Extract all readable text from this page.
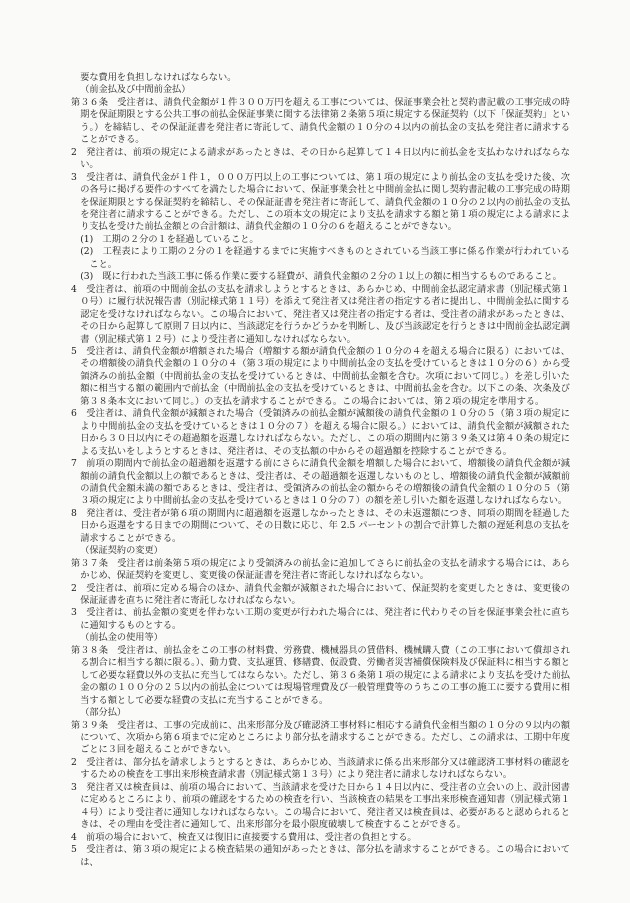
要な費用を負担しなければならない。

（前金払及び中間前金払）

第３６条　受注者は、請負代金額が１件３００万円を超える工事については、保証事業会社と契約書記載の工事完成の時期を保証期限とする公共工事の前払金保証事業に関する法律第２条第５項に規定する保証契約（以下「保証契約」という。）を締結し、その保証証書を発注者に寄託して、請負代金額の１０分の４以内の前払金の支払を発注者に請求することができる。

2　発注者は、前項の規定による請求があったときは、その日から起算して１４日以内に前払金を支払わなければならない。

3　受注者は、請負代金が１件１，０００万円以上の工事については、第１項の規定により前払金の支払を受けた後、次の各号に掲げる要件のすべてを満たした場合において、保証事業会社と中間前金払に関し契約書記載の工事完成の時期を保証期限とする保証契約を締結し、その保証証書を発注者に寄託して、請負代金額の１０分の２以内の前払金の支払を発注者に請求することができる。ただし、この項本文の規定により支払を請求する額と第１項の規定による請求により支払を受けた前払金額との合計額は、請負代金額の１０分の６を超えることができない。

(1)　工期の２分の１を経過していること。

(2)　工程表により工期の２分の１を経過するまでに実施すべきものとされている当該工事に係る作業が行われていること。

(3)　既に行われた当該工事に係る作業に要する経費が、請負代金額の２分の１以上の額に相当するものであること。

4　受注者は、前項の中間前金払の支払を請求しようとするときは、あらかじめ、中間前金払認定請求書（別記様式第１０号）に履行状況報告書（別記様式第１１号）を添えて発注者又は発注者の指定する者に提出し、中間前金払に関する認定を受けなければならない。この場合において、発注者又は発注者の指定する者は、受注者の請求があったときは、その日から起算して原則７日以内に、当該認定を行うかどうかを判断し、及び当該認定を行うときは中間前金払認定調書（別記様式第１２号）により受注者に通知しなければならない。

5　受注者は、請負代金額が増額された場合（増額する額が請負代金額の１０分の４を超える場合に限る）においては、その増額後の請負代金額の１０分の４（第３項の規定により中間前払金の支払を受けているときは１０分の６）から受領済みの前払金額（中間前払金の支払を受けているときは、中間前払金額を含む。次項において同じ。）を差し引いた額に相当する額の範囲内で前払金（中間前払金の支払を受けているときは、中間前払金を含む。以下この条、次条及び第３８条本文において同じ。）の支払を請求することができる。この場合においては、第２項の規定を準用する。

6　受注者は、請負代金額が減額された場合（受領済みの前払金額が減額後の請負代金額の１０分の５（第３項の規定により中間前払金の支払を受けているときは１０分の７）を超える場合に限る。）においては、請負代金額が減額された日から３０日以内にその超過額を返還しなければならない。ただし、この項の期間内に第３９条又は第４０条の規定による支払いをしようとするときは、発注者は、その支払額の中からその超過額を控除することができる。

7　前項の期間内で前払金の超過額を返還する前にさらに請負代金額を増額した場合において、増額後の請負代金額が減額前の請負代金額以上の額であるときは、受注者は、その超過額を返還しないものとし、増額後の請負代金額が減額前の請負代金額未満の額であるときは、受注者は、受領済みの前払金の額からその増額後の請負代金額の１０分の５（第３項の規定により中間前払金の支払を受けているときは１０分の７）の額を差し引いた額を返還しなければならない。

8　発注者は、受注者が第６項の期間内に超過額を返還しなかったときは、その未返還額につき、同項の期間を経過した日から返還をする日までの期間について、その日数に応じ、年 2.5 パーセントの割合で計算した額の遅延利息の支払を請求することができる。

（保証契約の変更）

第３７条　受注者は前条第５項の規定により受領済みの前払金に追加してさらに前払金の支払を請求する場合には、あらかじめ、保証契約を変更し、変更後の保証証書を発注者に寄託しなければならない。

2　受注者は、前項に定める場合のほか、請負代金額が減額された場合において、保証契約を変更したときは、変更後の保証証書を直ちに発注者に寄託しなければならない。

3　受注者は、前払金額の変更を伴わない工期の変更が行われた場合には、発注者に代わりその旨を保証事業会社に直ちに通知するものとする。

（前払金の使用等）

第３８条　受注者は、前払金をこの工事の材料費、労務費、機械器具の賃借料、機械購入費（この工事において償却される割合に相当する額に限る。）、動力費、支払運賃、修繕費、仮設費、労働者災害補償保険料及び保証料に相当する額として必要な経費以外の支払に充当してはならない。ただし、第３６条第１項の規定による請求により支払を受けた前払金の額の１００分の２５以内の前払金については現場管理費及び一般管理費等のうちこの工事の施工に要する費用に相当する額として必要な経費の支払に充当することができる。

（部分払）

第３９条　受注者は、工事の完成前に、出来形部分及び確認済工事材料に相応する請負代金相当額の１０分の９以内の額について、次項から第６項までに定めところにより部分払を請求することができる。ただし、この請求は、工期中年度ごとに３回を超えることができない。

2　受注者は、部分払を請求しようとするときは、あらかじめ、当該請求に係る出来形部分又は確認済工事材料の確認をするための検査を工事出来形検査請求書（別記様式第１３号）により発注者に請求しなければならない。

3　発注者又は検査員は、前項の場合において、当該請求を受けた日から１４日以内に、受注者の立会いの上、設計図書に定めるところにより、前項の確認をするための検査を行い、当該検査の結果を工事出来形検査通知書（別記様式第１４号）により受注者に通知しなければならない。この場合において、発注者又は検査員は、必要があると認められるときは、その理由を受注者に通知して、出来形部分を最小限度破壊して検査することができる。

4　前項の場合において、検査又は復旧に直接要する費用は、受注者の負担とする。

5　受注者は、第３項の規定による検査結果の通知があったときは、部分払を請求することができる。この場合においては、
